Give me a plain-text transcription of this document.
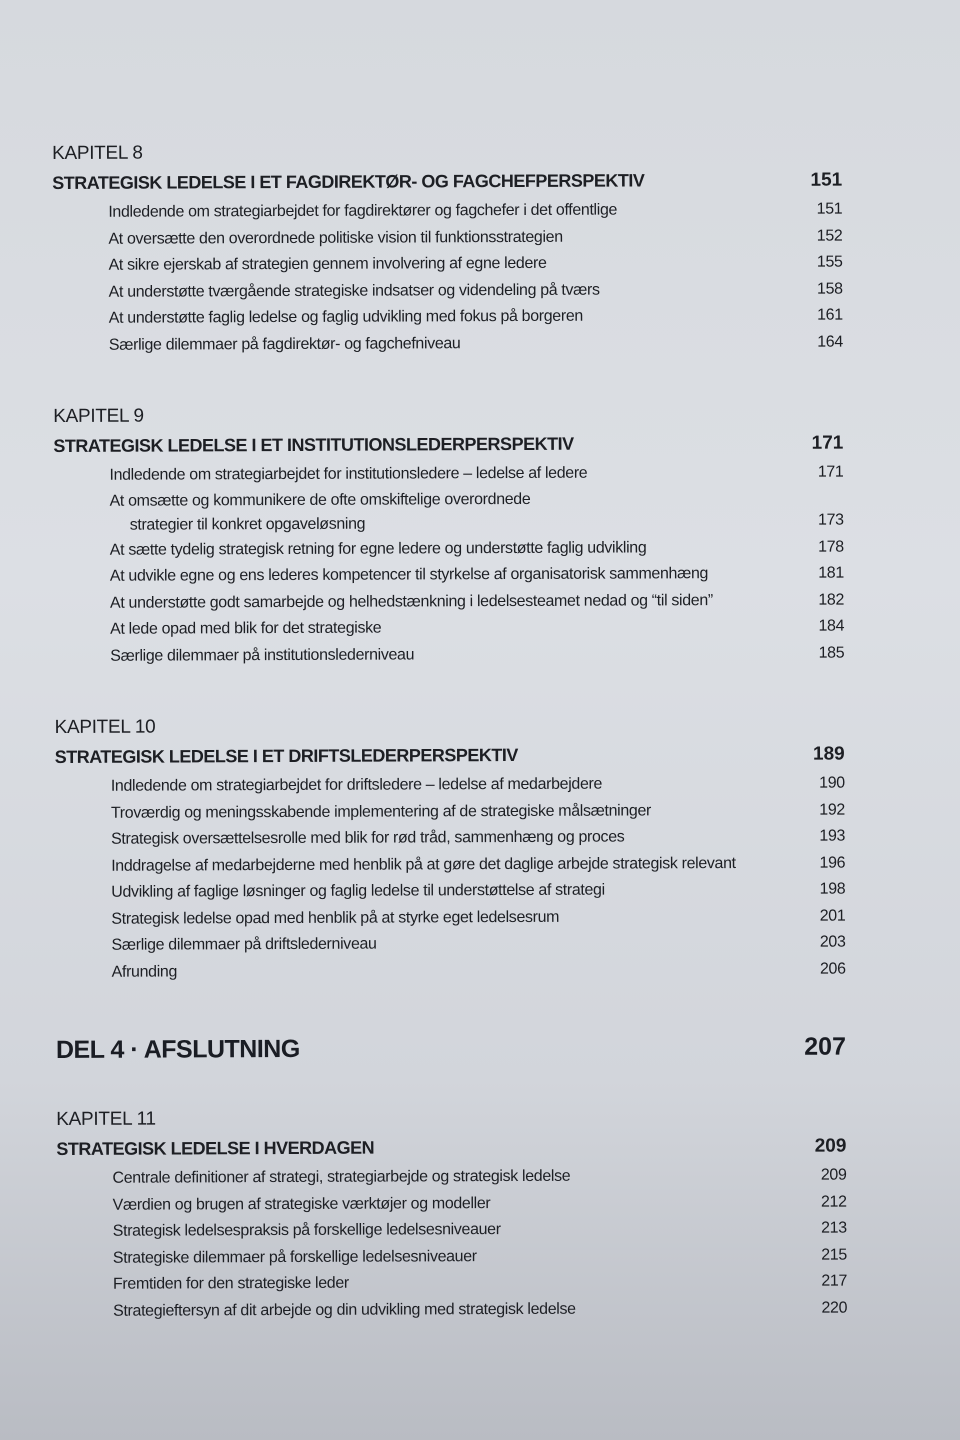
KAPITEL 8
STRATEGISK LEDELSE I ET FAGDIREKTØR- OG FAGCHEFPERSPEKTIV	151
Indledende om strategiarbejdet for fagdirektører og fagchefer i det offentlige	151
At oversætte den overordnede politiske vision til funktionsstrategien	152
At sikre ejerskab af strategien gennem involvering af egne ledere	155
At understøtte tværgående strategiske indsatser og videndeling på tværs	158
At understøtte faglig ledelse og faglig udvikling med fokus på borgeren	161
Særlige dilemmaer på fagdirektør- og fagchefniveau	164
KAPITEL 9
STRATEGISK LEDELSE I ET INSTITUTIONSLEDERPERSPEKTIV	171
Indledende om strategiarbejdet for institutionsledere – ledelse af ledere	171
At omsætte og kommunikere de ofte omskiftelige overordnede
strategier til konkret opgaveløsning	173
At sætte tydelig strategisk retning for egne ledere og understøtte faglig udvikling	178
At udvikle egne og ens lederes kompetencer til styrkelse af organisatorisk sammenhæng	181
At understøtte godt samarbejde og helhedstænkning i ledelsesteamet nedad og “til siden”	182
At lede opad med blik for det strategiske	184
Særlige dilemmaer på institutionslederniveau	185
KAPITEL 10
STRATEGISK LEDELSE I ET DRIFTSLEDERPERSPEKTIV	189
Indledende om strategiarbejdet for driftsledere – ledelse af medarbejdere	190
Troværdig og meningsskabende implementering af de strategiske målsætninger	192
Strategisk oversættelsesrolle med blik for rød tråd, sammenhæng og proces	193
Inddragelse af medarbejderne med henblik på at gøre det daglige arbejde strategisk relevant	196
Udvikling af faglige løsninger og faglig ledelse til understøttelse af strategi	198
Strategisk ledelse opad med henblik på at styrke eget ledelsesrum	201
Særlige dilemmaer på driftslederniveau	203
Afrunding	206
DEL 4 · AFSLUTNING	207
KAPITEL 11
STRATEGISK LEDELSE I HVERDAGEN	209
Centrale definitioner af strategi, strategiarbejde og strategisk ledelse	209
Værdien og brugen af strategiske værktøjer og modeller	212
Strategisk ledelsespraksis på forskellige ledelsesniveauer	213
Strategiske dilemmaer på forskellige ledelsesniveauer	215
Fremtiden for den strategiske leder	217
Strategieftersyn af dit arbejde og din udvikling med strategisk ledelse	220
